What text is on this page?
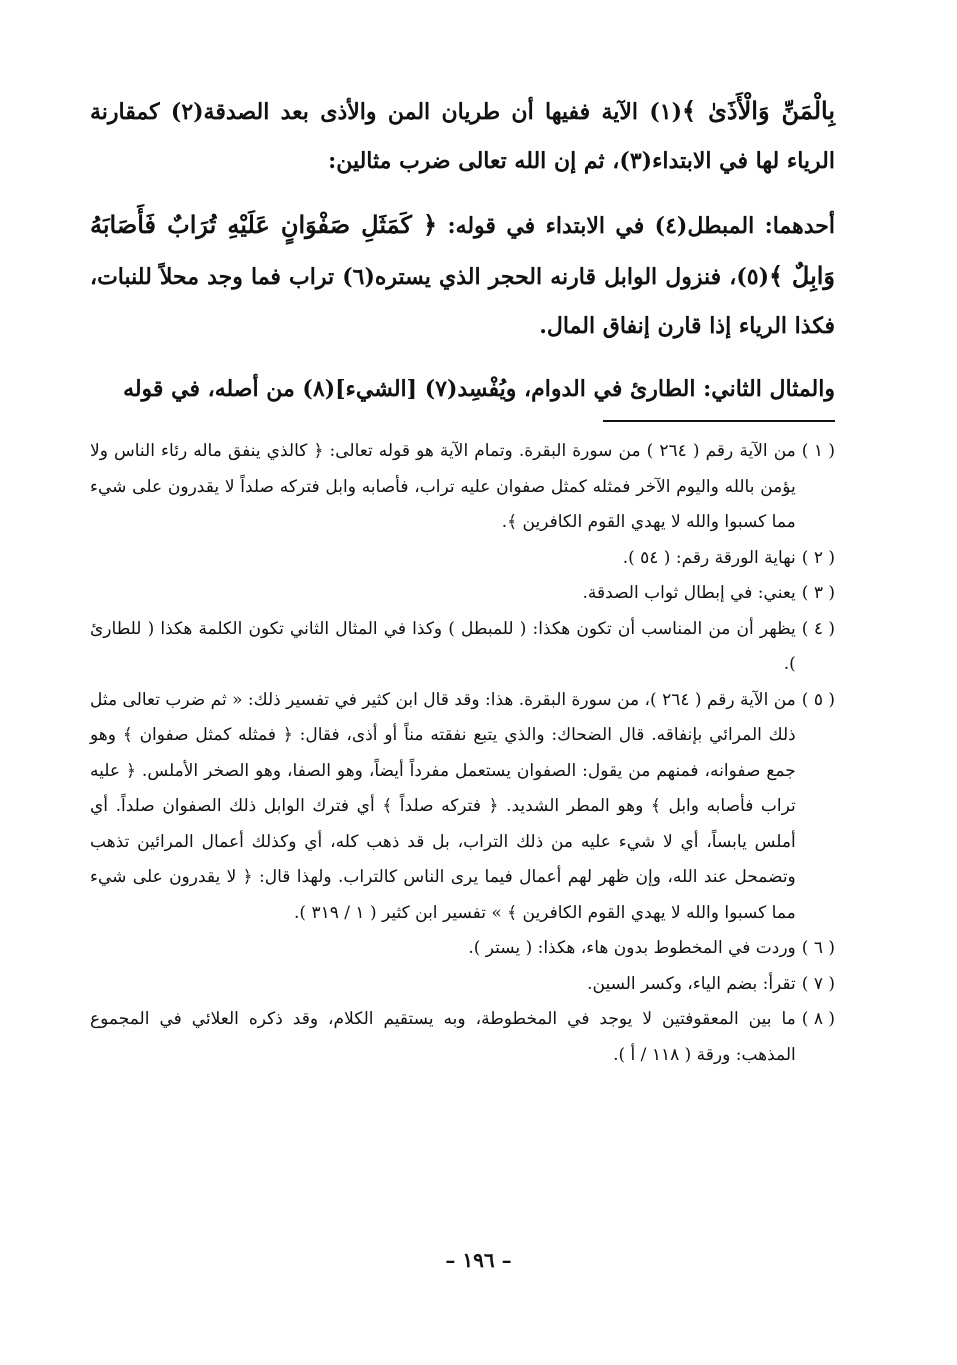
بِالْمَنِّ وَالْأَذَىٰ ﴾(١) الآية ففيها أن طريان المن والأذى بعد الصدقة(٢) كمقارنة الرياء لها في الابتداء(٣)، ثم إن الله تعالى ضرب مثالين:

أحدهما: المبطل(٤) في الابتداء في قوله: ﴿ كَمَثَلِ صَفْوَانٍ عَلَيْهِ تُرَابٌ فَأَصَابَهُ وَابِلٌ ﴾(٥)، فنزول الوابل قارنه الحجر الذي يستره(٦) تراب فما وجد محلاً للنبات، فكذا الرياء إذا قارن إنفاق المال.

والمثال الثاني: الطارئ في الدوام، ويُفْسِد(٧) [الشيء](٨) من أصله، في قوله

( ١ )
من الآية رقم ( ٢٦٤ ) من سورة البقرة. وتمام الآية هو قوله تعالى: ﴿ كالذي ينفق ماله رئاء الناس ولا يؤمن بالله واليوم الآخر فمثله كمثل صفوان عليه تراب، فأصابه وابل فتركه صلداً لا يقدرون على شيء مما كسبوا والله لا يهدي القوم الكافرين ﴾.
( ٢ )
نهاية الورقة رقم: ( ٥٤ ).
( ٣ )
يعني: في إبطال ثواب الصدقة.
( ٤ )
يظهر أن من المناسب أن تكون هكذا: ( للمبطل ) وكذا في المثال الثاني تكون الكلمة هكذا ( للطارئ ).
( ٥ )
من الآية رقم ( ٢٦٤ )، من سورة البقرة. هذا: وقد قال ابن كثير في تفسير ذلك: « ثم ضرب تعالى مثل ذلك المرائي بإنفاقه. قال الضحاك: والذي يتبع نفقته مناً أو أذى، فقال: ﴿ فمثله كمثل صفوان ﴾ وهو جمع صفوانه، فمنهم من يقول: الصفوان يستعمل مفرداً أيضاً، وهو الصفا، وهو الصخر الأملس. ﴿ عليه تراب فأصابه وابل ﴾ وهو المطر الشديد. ﴿ فتركه صلداً ﴾ أي فترك الوابل ذلك الصفوان صلداً. أي أملس يابساً، أي لا شيء عليه من ذلك التراب، بل قد ذهب كله، أي وكذلك أعمال المرائين تذهب وتضمحل عند الله، وإن ظهر لهم أعمال فيما يرى الناس كالتراب. ولهذا قال: ﴿ لا يقدرون على شيء مما كسبوا والله لا يهدي القوم الكافرين ﴾ » تفسير ابن كثير ( ١ / ٣١٩ ).
( ٦ )
وردت في المخطوط بدون هاء، هكذا: ( يستر ).
( ٧ )
تقرأ: بضم الياء، وكسر السين.
( ٨ )
ما بين المعقوفتين لا يوجد في المخطوطة، وبه يستقيم الكلام، وقد ذكره العلائي في المجموع المذهب: ورقة ( ١١٨ / أ ).
– ١٩٦ –
